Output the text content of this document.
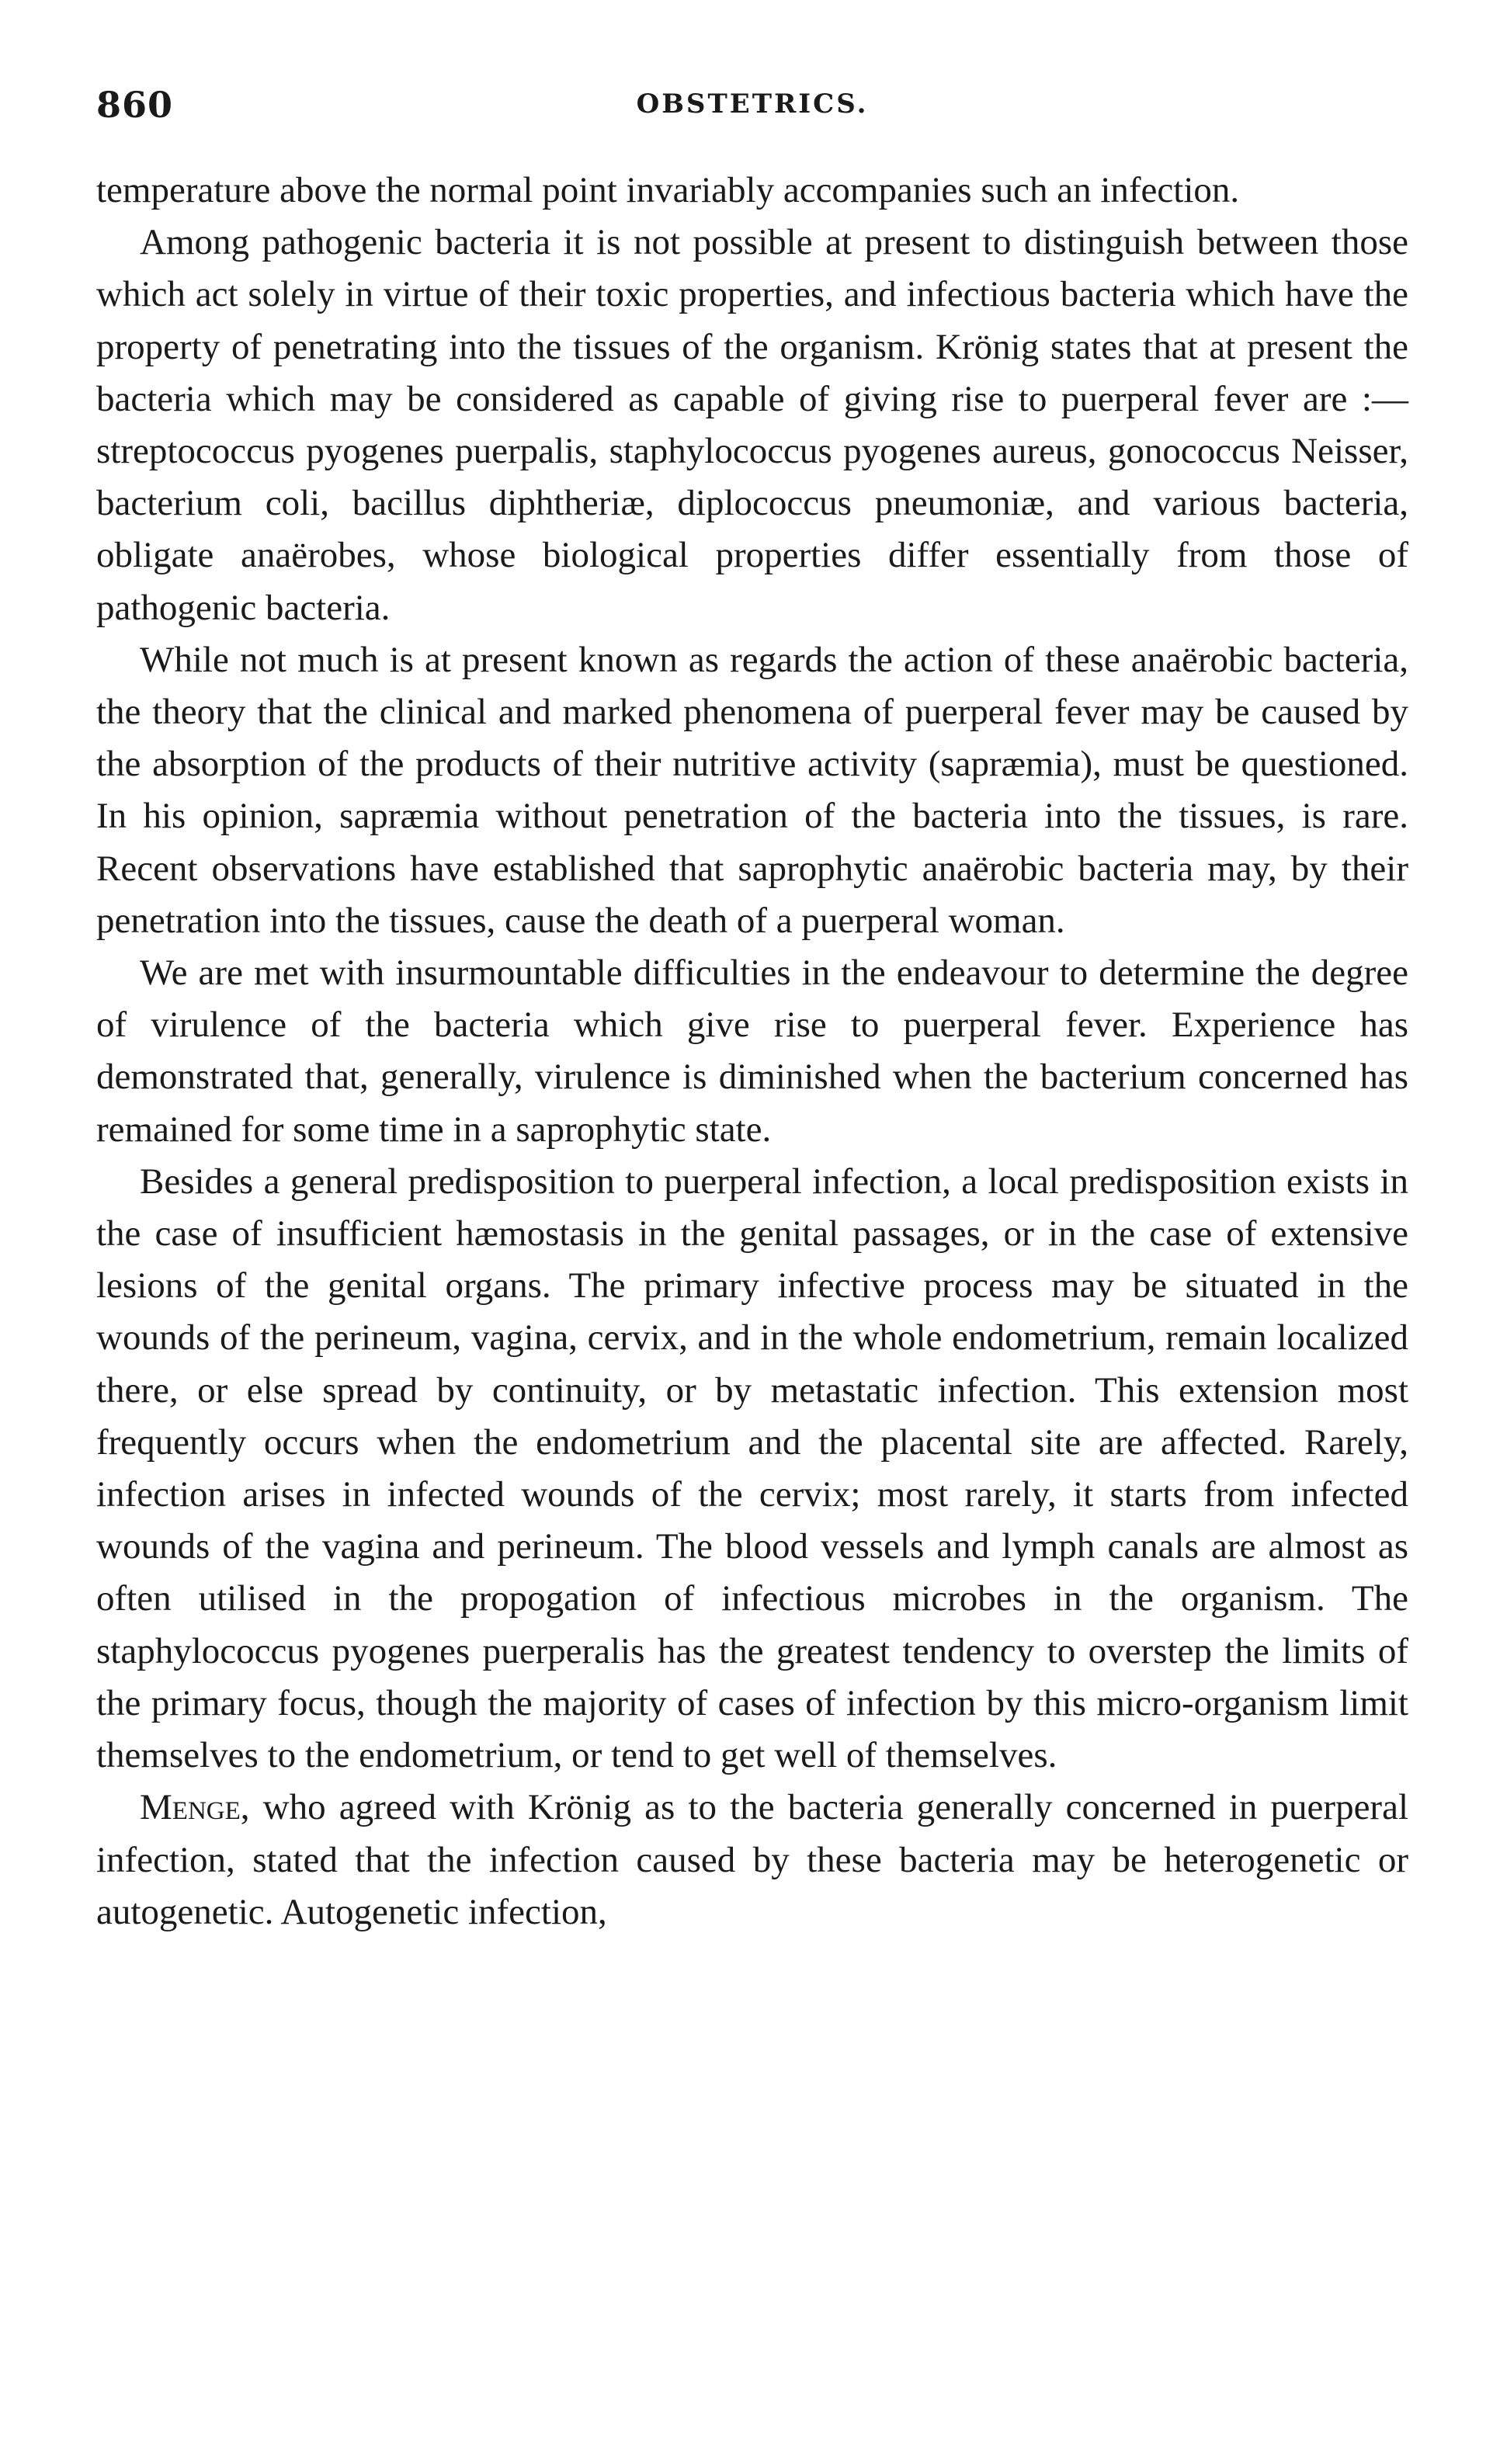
860	OBSTETRICS.

temperature above the normal point invariably accompanies such an infection.

Among pathogenic bacteria it is not possible at present to distinguish between those which act solely in virtue of their toxic properties, and infectious bacteria which have the property of penetrating into the tissues of the organism. Krönig states that at present the bacteria which may be considered as capable of giving rise to puerperal fever are :—streptococcus pyogenes puerpalis, staphylococcus pyogenes aureus, gonococcus Neisser, bacterium coli, bacillus diphtheriæ, diplococcus pneumoniæ, and various bacteria, obligate anaërobes, whose biological properties differ essentially from those of pathogenic bacteria.

While not much is at present known as regards the action of these anaërobic bacteria, the theory that the clinical and marked phenomena of puerperal fever may be caused by the absorption of the products of their nutritive activity (sapræmia), must be questioned. In his opinion, sapræmia without penetration of the bacteria into the tissues, is rare. Recent observations have established that saprophytic anaërobic bacteria may, by their penetration into the tissues, cause the death of a puerperal woman.

We are met with insurmountable difficulties in the endeavour to determine the degree of virulence of the bacteria which give rise to puerperal fever. Experience has demonstrated that, generally, virulence is diminished when the bacterium concerned has remained for some time in a saprophytic state.

Besides a general predisposition to puerperal infection, a local predisposition exists in the case of insufficient hæmostasis in the genital passages, or in the case of extensive lesions of the genital organs. The primary infective process may be situated in the wounds of the perineum, vagina, cervix, and in the whole endometrium, remain localized there, or else spread by continuity, or by metastatic infection. This extension most frequently occurs when the endometrium and the placental site are affected. Rarely, infection arises in infected wounds of the cervix; most rarely, it starts from infected wounds of the vagina and perineum. The blood vessels and lymph canals are almost as often utilised in the propogation of infectious microbes in the organism. The staphylococcus pyogenes puerperalis has the greatest tendency to overstep the limits of the primary focus, though the majority of cases of infection by this micro-organism limit themselves to the endometrium, or tend to get well of themselves.

Menge, who agreed with Krönig as to the bacteria generally concerned in puerperal infection, stated that the infection caused by these bacteria may be heterogenetic or autogenetic. Autogenetic infection,
